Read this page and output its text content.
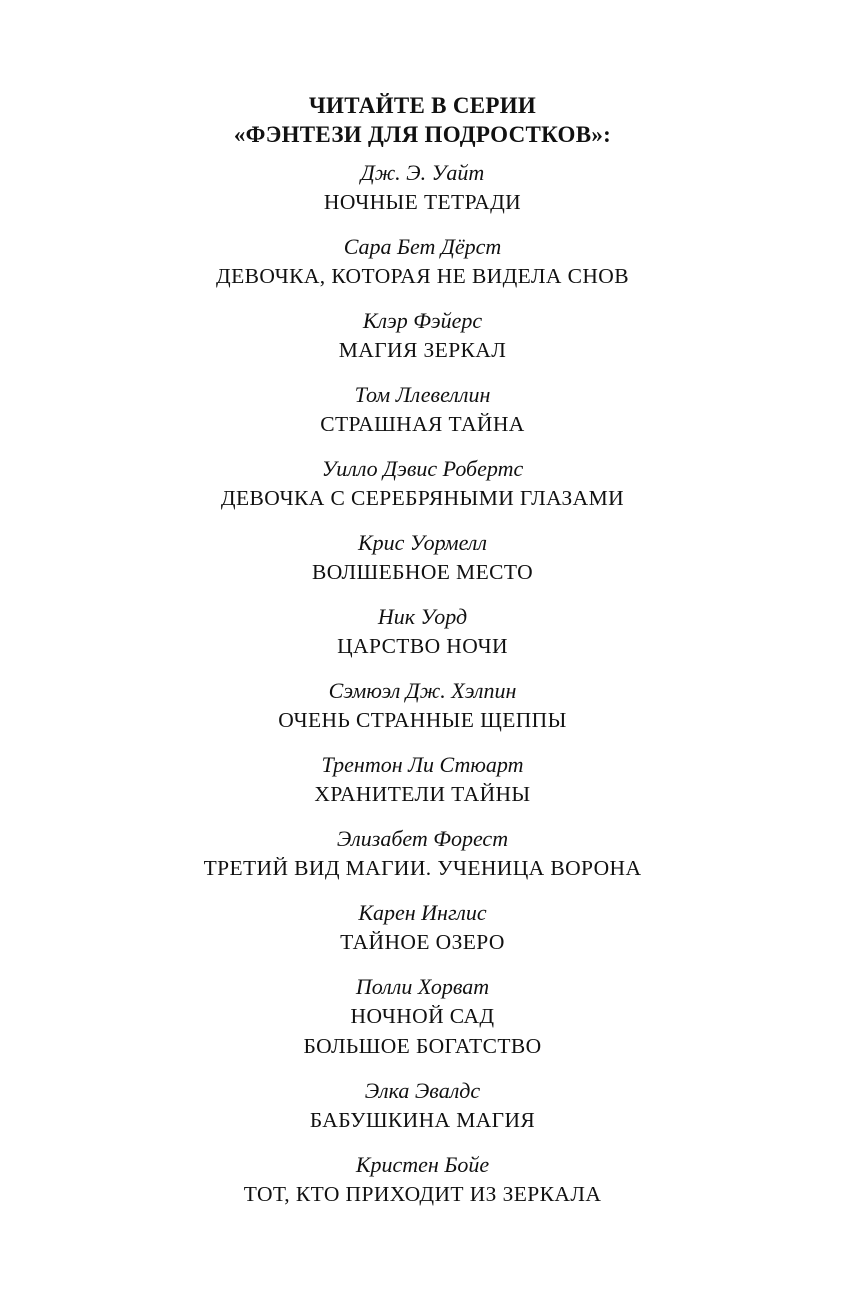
ЧИТАЙТЕ В СЕРИИ
«ФЭНТЕЗИ ДЛЯ ПОДРОСТКОВ»:
Дж. Э. Уайт
НОЧНЫЕ ТЕТРАДИ
Сара Бет Дёрст
ДЕВОЧКА, КОТОРАЯ НЕ ВИДЕЛА СНОВ
Клэр Фэйерс
МАГИЯ ЗЕРКАЛ
Том Ллевеллин
СТРАШНАЯ ТАЙНА
Уилло Дэвис Робертс
ДЕВОЧКА С СЕРЕБРЯНЫМИ ГЛАЗАМИ
Крис Уормелл
ВОЛШЕБНОЕ МЕСТО
Ник Уорд
ЦАРСТВО НОЧИ
Сэмюэл Дж. Хэлпин
ОЧЕНЬ СТРАННЫЕ ЩЕППЫ
Трентон Ли Стюарт
ХРАНИТЕЛИ ТАЙНЫ
Элизабет Форест
ТРЕТИЙ ВИД МАГИИ. УЧЕНИЦА ВОРОНА
Карен Инглис
ТАЙНОЕ ОЗЕРО
Полли Хорват
НОЧНОЙ САД
БОЛЬШОЕ БОГАТСТВО
Элка Эвалдс
БАБУШКИНА МАГИЯ
Кристен Бойе
ТОТ, КТО ПРИХОДИТ ИЗ ЗЕРКАЛА
